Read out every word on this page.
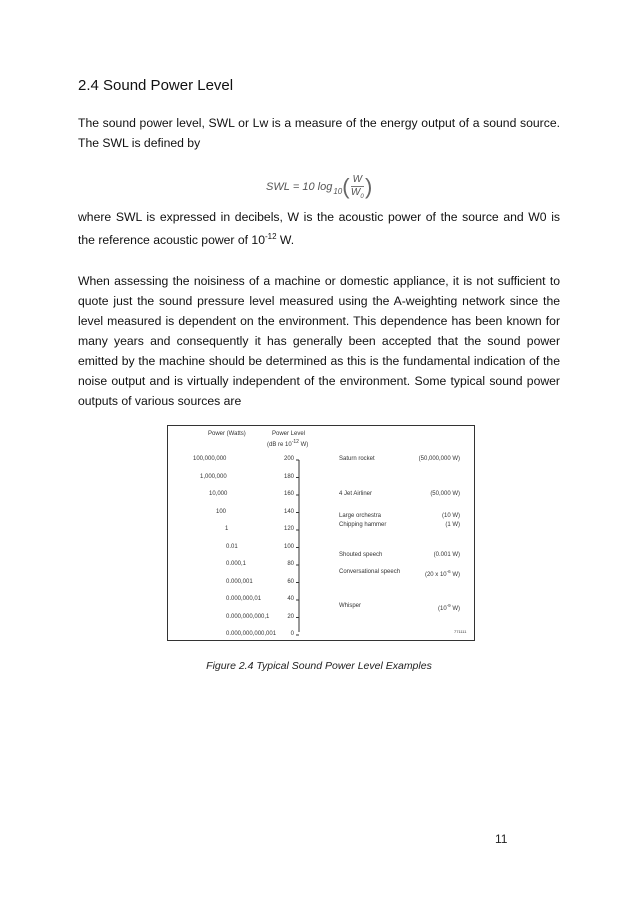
2.4 Sound Power Level

The sound power level, SWL or Lw is a measure of the energy output of a sound source. The SWL is defined by

SWL = 10 log 10 ( $\frac{W}{W_0}$ )

where SWL is expressed in decibels, W is the acoustic power of the source and W0 is the reference acoustic power of $10^{-12}$ W.

When assessing the noisiness of a machine or domestic appliance, it is not sufficient to quote just the sound pressure level measured using the A-weighting network since the level measured is dependent on the environment. This dependence has been known for many years and consequently it has generally been accepted that the sound power emitted by the machine should be determined as this is the fundamental indication of the noise output and is virtually independent of the environment. Some typical sound power outputs of various sources are

Power (Watts)	Power Level
(dB re $10^{-12}$ W)
100,000,000	200
1,000,000	180
10,000	160
100	140
1	120
0.01	100
0.000,1	80
0.000,001	60
0.000,000,01	40
0.000,000,000,1	20
0.000,000,000,001	0
Saturn rocket	(50,000,000 W)
4 Jet Airliner	(50,000 W)
Large orchestra	(10 W)
Chipping hammer	(1 W)
Shouted speech	(0.001 W)
Conversational speech	(20 x $10^{-6}$ W)
Whisper	($10^{-9}$ W)
771111
Figure 2.4 Typical Sound Power Level Examples
11
